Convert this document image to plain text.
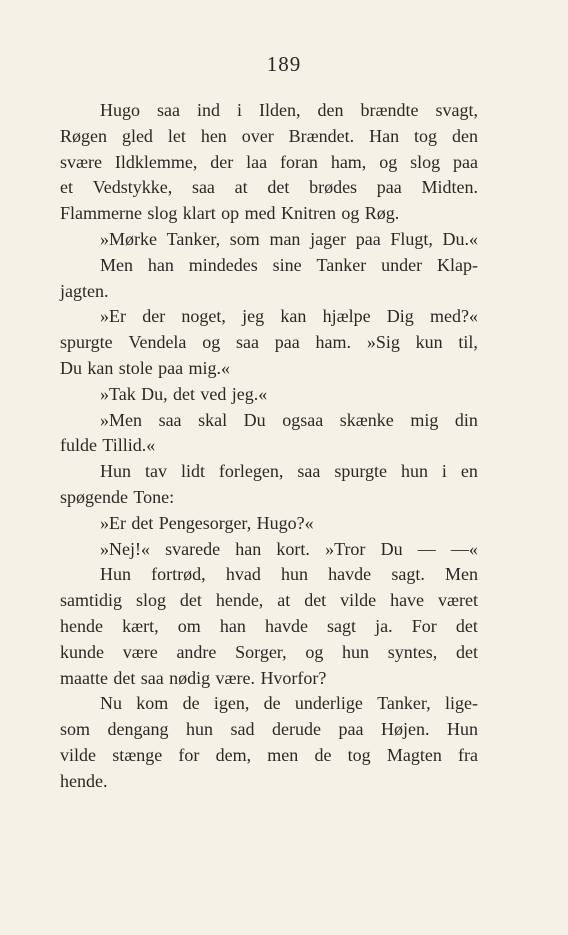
189
Hugo saa ind i Ilden, den brændte svagt,
Røgen gled let hen over Brændet. Han tog den
svære Ildklemme, der laa foran ham, og slog paa
et Vedstykke, saa at det brødes paa Midten.
Flammerne slog klart op med Knitren og Røg.
»Mørke Tanker, som man jager paa Flugt, Du.«
Men han mindedes sine Tanker under Klap-
jagten.
»Er der noget, jeg kan hjælpe Dig med?«
spurgte Vendela og saa paa ham. »Sig kun til,
Du kan stole paa mig.«
»Tak Du, det ved jeg.«
»Men saa skal Du ogsaa skænke mig din
fulde Tillid.«
Hun tav lidt forlegen, saa spurgte hun i en
spøgende Tone:
»Er det Pengesorger, Hugo?«
»Nej!« svarede han kort. »Tror Du — —«
Hun fortrød, hvad hun havde sagt. Men
samtidig slog det hende, at det vilde have været
hende kært, om han havde sagt ja. For det
kunde være andre Sorger, og hun syntes, det
maatte det saa nødig være. Hvorfor?
Nu kom de igen, de underlige Tanker, lige-
som dengang hun sad derude paa Højen. Hun
vilde stænge for dem, men de tog Magten fra
hende.
